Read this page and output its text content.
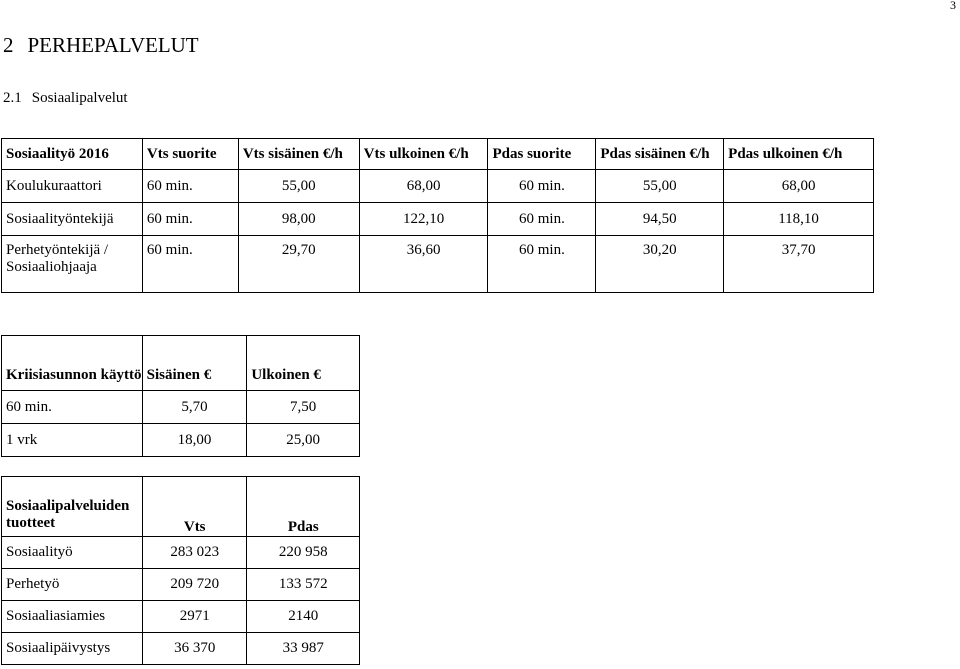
3
2 PERHEPALVELUT
2.1 Sosiaalipalvelut
Sosiaalityö 2016	Vts suorite	Vts sisäinen €/h	Vts ulkoinen €/h	Pdas suorite	Pdas sisäinen €/h	Pdas ulkoinen €/h
Koulukuraattori	60 min.	55,00	68,00	60 min.	55,00	68,00
Sosiaalityöntekijä	60 min.	98,00	122,10	60 min.	94,50	118,10
Perhetyöntekijä / Sosiaaliohjaaja	60 min.	29,70	36,60	60 min.	30,20	37,70
Kriisiasunnon käyttö	Sisäinen €	Ulkoinen €
60 min.	5,70	7,50
1 vrk	18,00	25,00
Sosiaalipalveluiden tuotteet	Vts	Pdas
Sosiaalityö	283 023	220 958
Perhetyö	209 720	133 572
Sosiaaliasiamies	2971	2140
Sosiaalipäivystys	36 370	33 987
